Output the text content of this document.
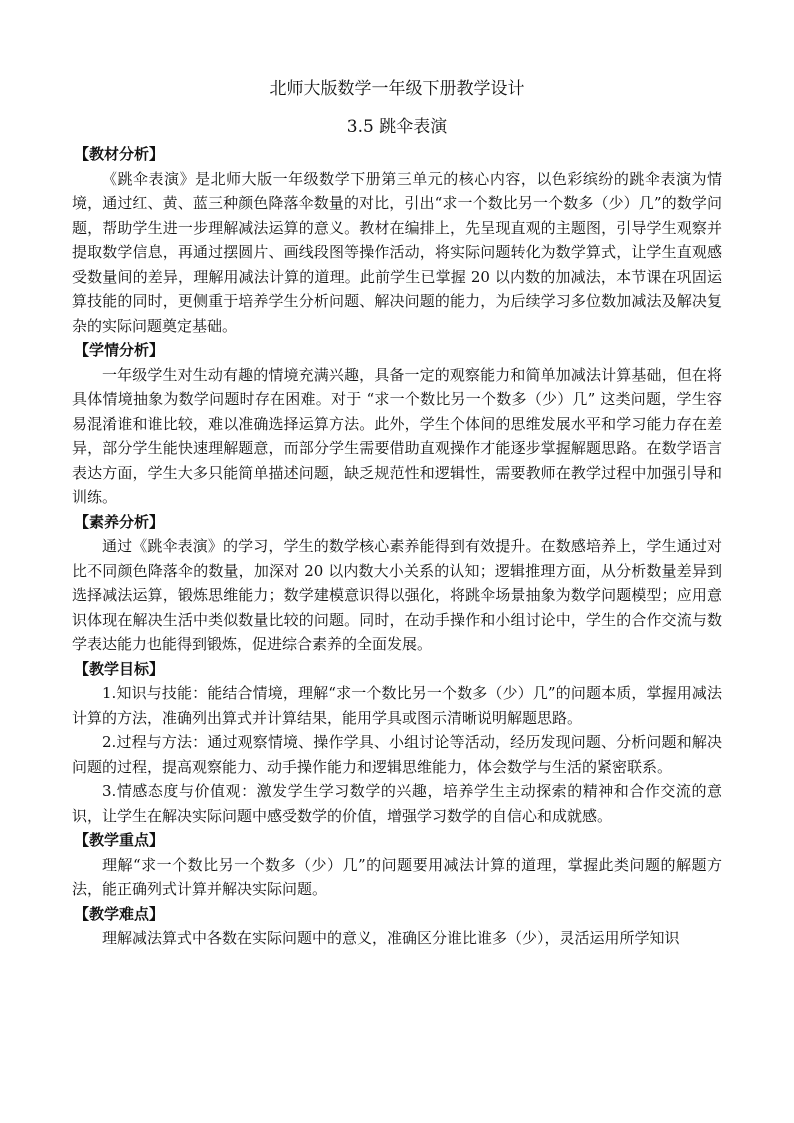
北师大版数学一年级下册教学设计
3.5 跳伞表演
【教材分析】

《跳伞表演》是北师大版一年级数学下册第三单元的核心内容，以色彩缤纷的跳伞表演为情境，通过红、黄、蓝三种颜色降落伞数量的对比，引出“求一个数比另一个数多（少）几”的数学问题，帮助学生进一步理解减法运算的意义。教材在编排上，先呈现直观的主题图，引导学生观察并提取数学信息，再通过摆圆片、画线段图等操作活动，将实际问题转化为数学算式，让学生直观感受数量间的差异，理解用减法计算的道理。此前学生已掌握 20 以内数的加减法，本节课在巩固运算技能的同时，更侧重于培养学生分析问题、解决问题的能力，为后续学习多位数加减法及解决复杂的实际问题奠定基础。

【学情分析】

一年级学生对生动有趣的情境充满兴趣，具备一定的观察能力和简单加减法计算基础，但在将具体情境抽象为数学问题时存在困难。对于 “求一个数比另一个数多（少）几” 这类问题，学生容易混淆谁和谁比较，难以准确选择运算方法。此外，学生个体间的思维发展水平和学习能力存在差异，部分学生能快速理解题意，而部分学生需要借助直观操作才能逐步掌握解题思路。在数学语言表达方面，学生大多只能简单描述问题，缺乏规范性和逻辑性，需要教师在教学过程中加强引导和训练。

【素养分析】

通过《跳伞表演》的学习，学生的数学核心素养能得到有效提升。在数感培养上，学生通过对比不同颜色降落伞的数量，加深对 20 以内数大小关系的认知；逻辑推理方面，从分析数量差异到选择减法运算，锻炼思维能力；数学建模意识得以强化，将跳伞场景抽象为数学问题模型；应用意识体现在解决生活中类似数量比较的问题。同时，在动手操作和小组讨论中，学生的合作交流与数学表达能力也能得到锻炼，促进综合素养的全面发展。

【教学目标】

1.知识与技能：能结合情境，理解“求一个数比另一个数多（少）几”的问题本质，掌握用减法计算的方法，准确列出算式并计算结果，能用学具或图示清晰说明解题思路。

2.过程与方法：通过观察情境、操作学具、小组讨论等活动，经历发现问题、分析问题和解决问题的过程，提高观察能力、动手操作能力和逻辑思维能力，体会数学与生活的紧密联系。

3.情感态度与价值观：激发学生学习数学的兴趣，培养学生主动探索的精神和合作交流的意识，让学生在解决实际问题中感受数学的价值，增强学习数学的自信心和成就感。

【教学重点】

理解“求一个数比另一个数多（少）几”的问题要用减法计算的道理，掌握此类问题的解题方法，能正确列式计算并解决实际问题。

【教学难点】

理解减法算式中各数在实际问题中的意义，准确区分谁比谁多（少），灵活运用所学知识
